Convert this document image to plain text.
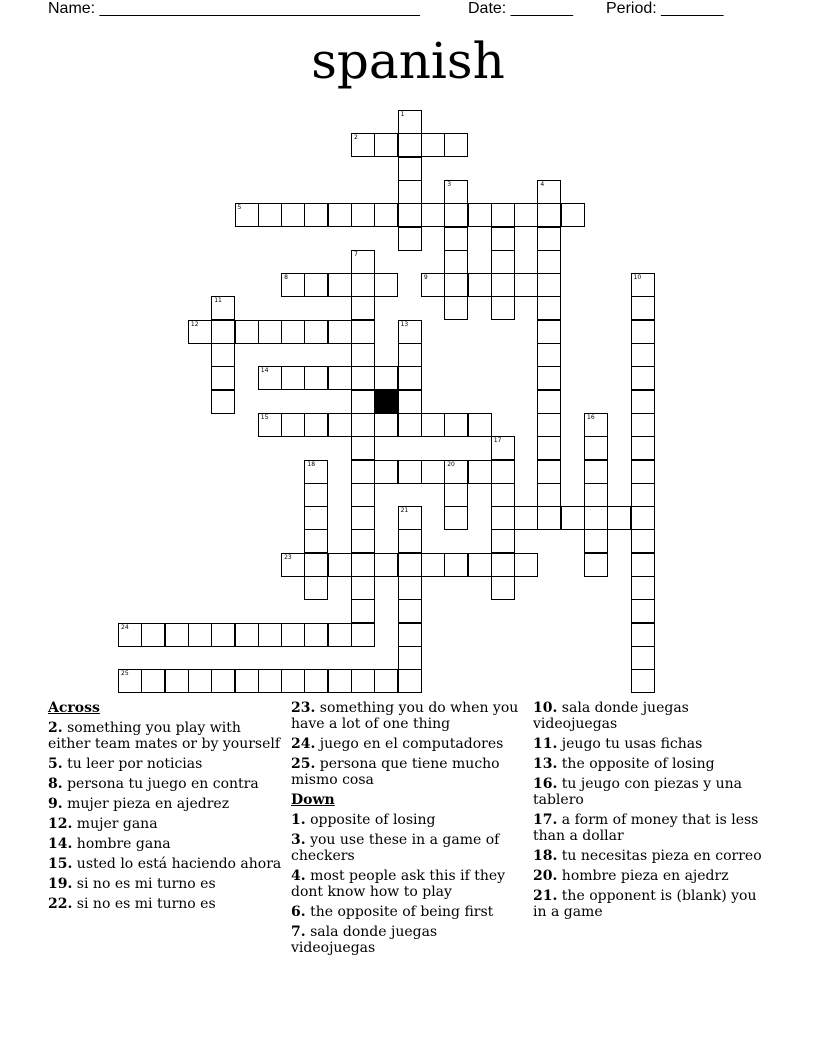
Name: ____________________________________	Date: _______ Period: _______
spanish
1
2
5
3	4
7
8	9	10
11
12	13
14
15	16
17
18	20
21
23
24
25
Across
2. something you play with either team mates or by yourself
5. tu leer por noticias
8. persona tu juego en contra
9. mujer pieza en ajedrez
12. mujer gana
14. hombre gana
15. usted lo está haciendo ahora
19. si no es mi turno es
22. si no es mi turno es
23. something you do when you have a lot of one thing
24. juego en el computadores
25. persona que tiene mucho mismo cosa
Down
1. opposite of losing
3. you use these in a game of checkers
4. most people ask this if they dont know how to play
6. the opposite of being first
7. sala donde juegas videojuegas
10. sala donde juegas videojuegas
11. jeugo tu usas fichas
13. the opposite of losing
16. tu jeugo con piezas y una tablero
17. a form of money that is less than a dollar
18. tu necesitas pieza en correo
20. hombre pieza en ajedrz
21. the opponent is (blank) you in a game
